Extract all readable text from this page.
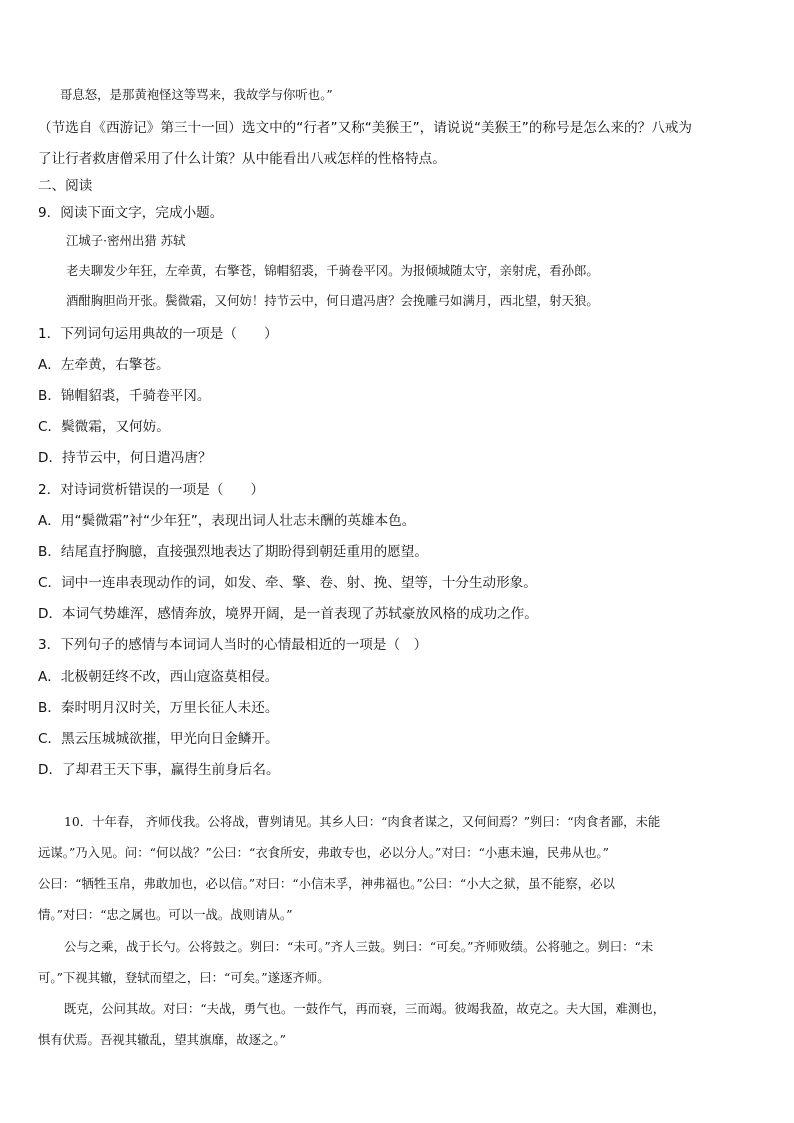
哥息怒，是那黄袍怪这等骂来，我故学与你听也。”
（节选自《西游记》第三十一回）选文中的“行者”又称“美猴王”，请说说“美猴王”的称号是怎么来的？八戒为
了让行者救唐僧采用了什么计策？从中能看出八戒怎样的性格特点。
二、阅读
9．阅读下面文字，完成小题。
江城子·密州出猎 苏轼
老夫聊发少年狂，左牵黄，右擎苍，锦帽貂裘，千骑卷平冈。为报倾城随太守，亲射虎，看孙郎。
酒酣胸胆尚开张。鬓微霜，又何妨！持节云中，何日遣冯唐？会挽雕弓如满月，西北望，射天狼。
1．下列词句运用典故的一项是（　　）
A．左牵黄，右擎苍。
B．锦帽貂裘，千骑卷平冈。
C．鬓微霜，又何妨。
D．持节云中，何日遣冯唐？
2．对诗词赏析错误的一项是（　　）
A．用“鬓微霜”衬“少年狂”，表现出词人壮志未酬的英雄本色。
B．结尾直抒胸臆，直接强烈地表达了期盼得到朝廷重用的愿望。
C．词中一连串表现动作的词，如发、牵、擎、卷、射、挽、望等，十分生动形象。
D．本词气势雄浑，感情奔放，境界开阔，是一首表现了苏轼豪放风格的成功之作。
3．下列句子的感情与本词词人当时的心情最相近的一项是（　）
A．北极朝廷终不改，西山寇盗莫相侵。
B．秦时明月汉时关，万里长征人未还。
C．黑云压城城欲摧，甲光向日金鳞开。
D．了却君王天下事，赢得生前身后名。
10．十年春， 齐师伐我。公将战，曹刿请见。其乡人曰：“肉食者谋之，又何间焉？”刿曰：“肉食者鄙，未能
远谋。”乃入见。问：“何以战？”公曰：“衣食所安，弗敢专也，必以分人。”对曰：“小惠未遍，民弗从也。”
公曰：“牺牲玉帛，弗敢加也，必以信。”对曰：“小信未孚，神弗福也。”公曰：“小大之狱，虽不能察，必以
情。”对曰：“忠之属也。可以一战。战则请从。”
公与之乘，战于长勺。公将鼓之。刿曰：“未可。”齐人三鼓。刿曰：“可矣。”齐师败绩。公将驰之。刿曰：“未
可。”下视其辙，登轼而望之，曰：“可矣。”遂逐齐师。
既克，公问其故。对曰：“夫战，勇气也。一鼓作气，再而衰，三而竭。彼竭我盈，故克之。夫大国，难测也，
惧有伏焉。吾视其辙乱，望其旗靡，故逐之。”
